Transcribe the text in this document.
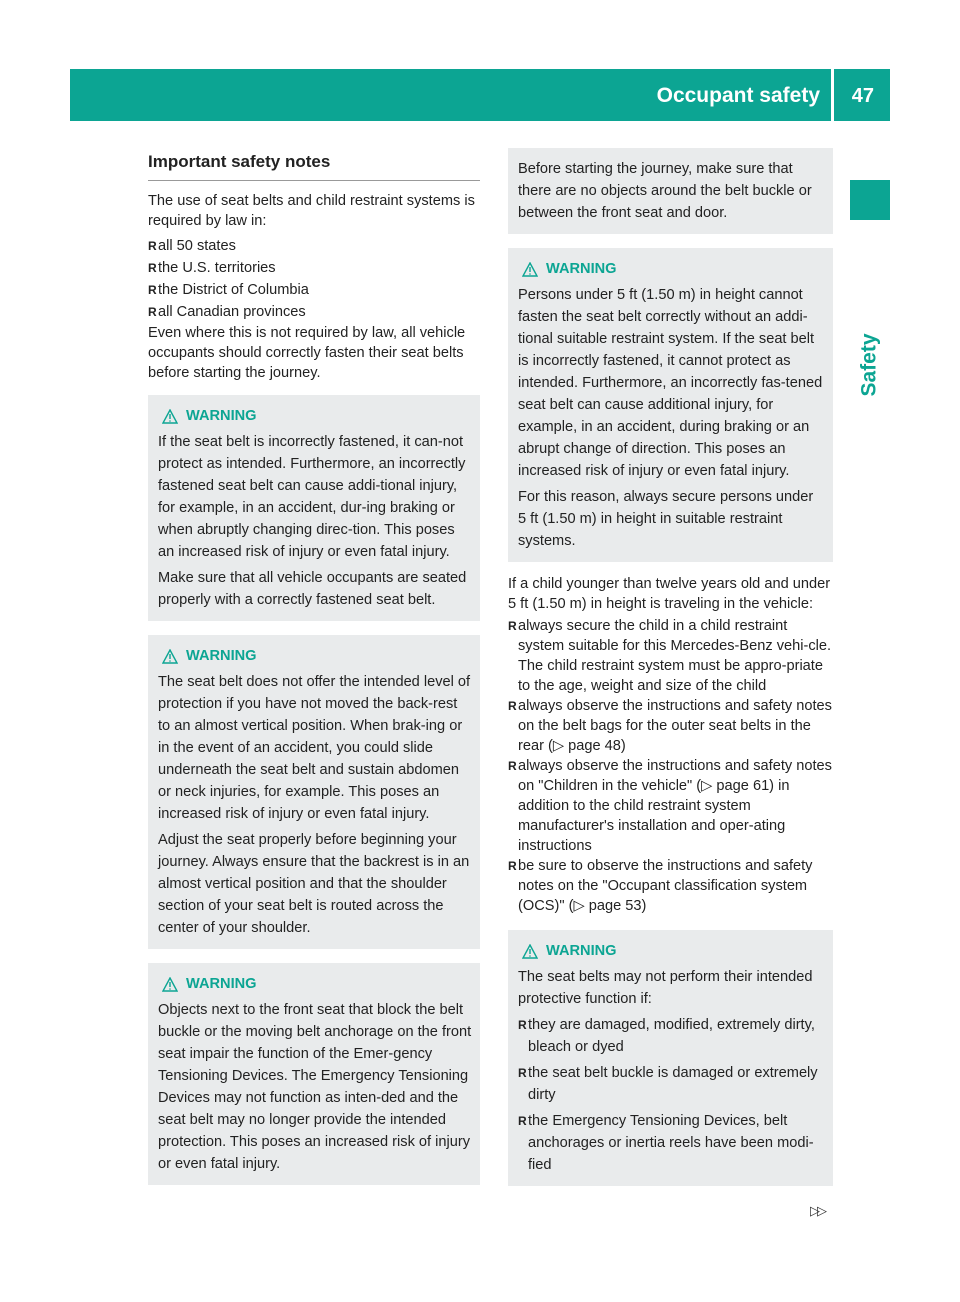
Occupant safety 47
Safety
Important safety notes

The use of seat belts and child restraint systems is required by law in:

R all 50 states
R the U.S. territories
R the District of Columbia
R all Canadian provinces

Even where this is not required by law, all vehicle occupants should correctly fasten their seat belts before starting the journey.

WARNING

If the seat belt is incorrectly fastened, it can-not protect as intended. Furthermore, an incorrectly fastened seat belt can cause addi-tional injury, for example, in an accident, dur-ing braking or when abruptly changing direc-tion. This poses an increased risk of injury or even fatal injury.

Make sure that all vehicle occupants are seated properly with a correctly fastened seat belt.

WARNING

The seat belt does not offer the intended level of protection if you have not moved the back-rest to an almost vertical position. When brak-ing or in the event of an accident, you could slide underneath the seat belt and sustain abdomen or neck injuries, for example. This poses an increased risk of injury or even fatal injury.

Adjust the seat properly before beginning your journey. Always ensure that the backrest is in an almost vertical position and that the shoulder section of your seat belt is routed across the center of your shoulder.

WARNING

Objects next to the front seat that block the belt buckle or the moving belt anchorage on the front seat impair the function of the Emer-gency Tensioning Devices. The Emergency Tensioning Devices may not function as inten-ded and the seat belt may no longer provide the intended protection. This poses an increased risk of injury or even fatal injury.

Before starting the journey, make sure that there are no objects around the belt buckle or between the front seat and door.

WARNING

Persons under 5 ft (1.50 m) in height cannot fasten the seat belt correctly without an addi-tional suitable restraint system. If the seat belt is incorrectly fastened, it cannot protect as intended. Furthermore, an incorrectly fas-tened seat belt can cause additional injury, for example, in an accident, during braking or an abrupt change of direction. This poses an increased risk of injury or even fatal injury.

For this reason, always secure persons under 5 ft (1.50 m) in height in suitable restraint systems.

If a child younger than twelve years old and under 5 ft (1.50 m) in height is traveling in the vehicle:

R always secure the child in a child restraint system suitable for this Mercedes-Benz vehi-cle. The child restraint system must be appro-priate to the age, weight and size of the child
R always observe the instructions and safety notes on the belt bags for the outer seat belts in the rear (▷ page 48)
R always observe the instructions and safety notes on "Children in the vehicle" (▷ page 61) in addition to the child restraint system manufacturer's installation and oper-ating instructions
R be sure to observe the instructions and safety notes on the "Occupant classification system (OCS)" (▷ page 53)
WARNING

The seat belts may not perform their intended protective function if:

R they are damaged, modified, extremely dirty, bleach or dyed
R the seat belt buckle is damaged or extremely dirty
R the Emergency Tensioning Devices, belt anchorages or inertia reels have been modi-fied
▷▷
